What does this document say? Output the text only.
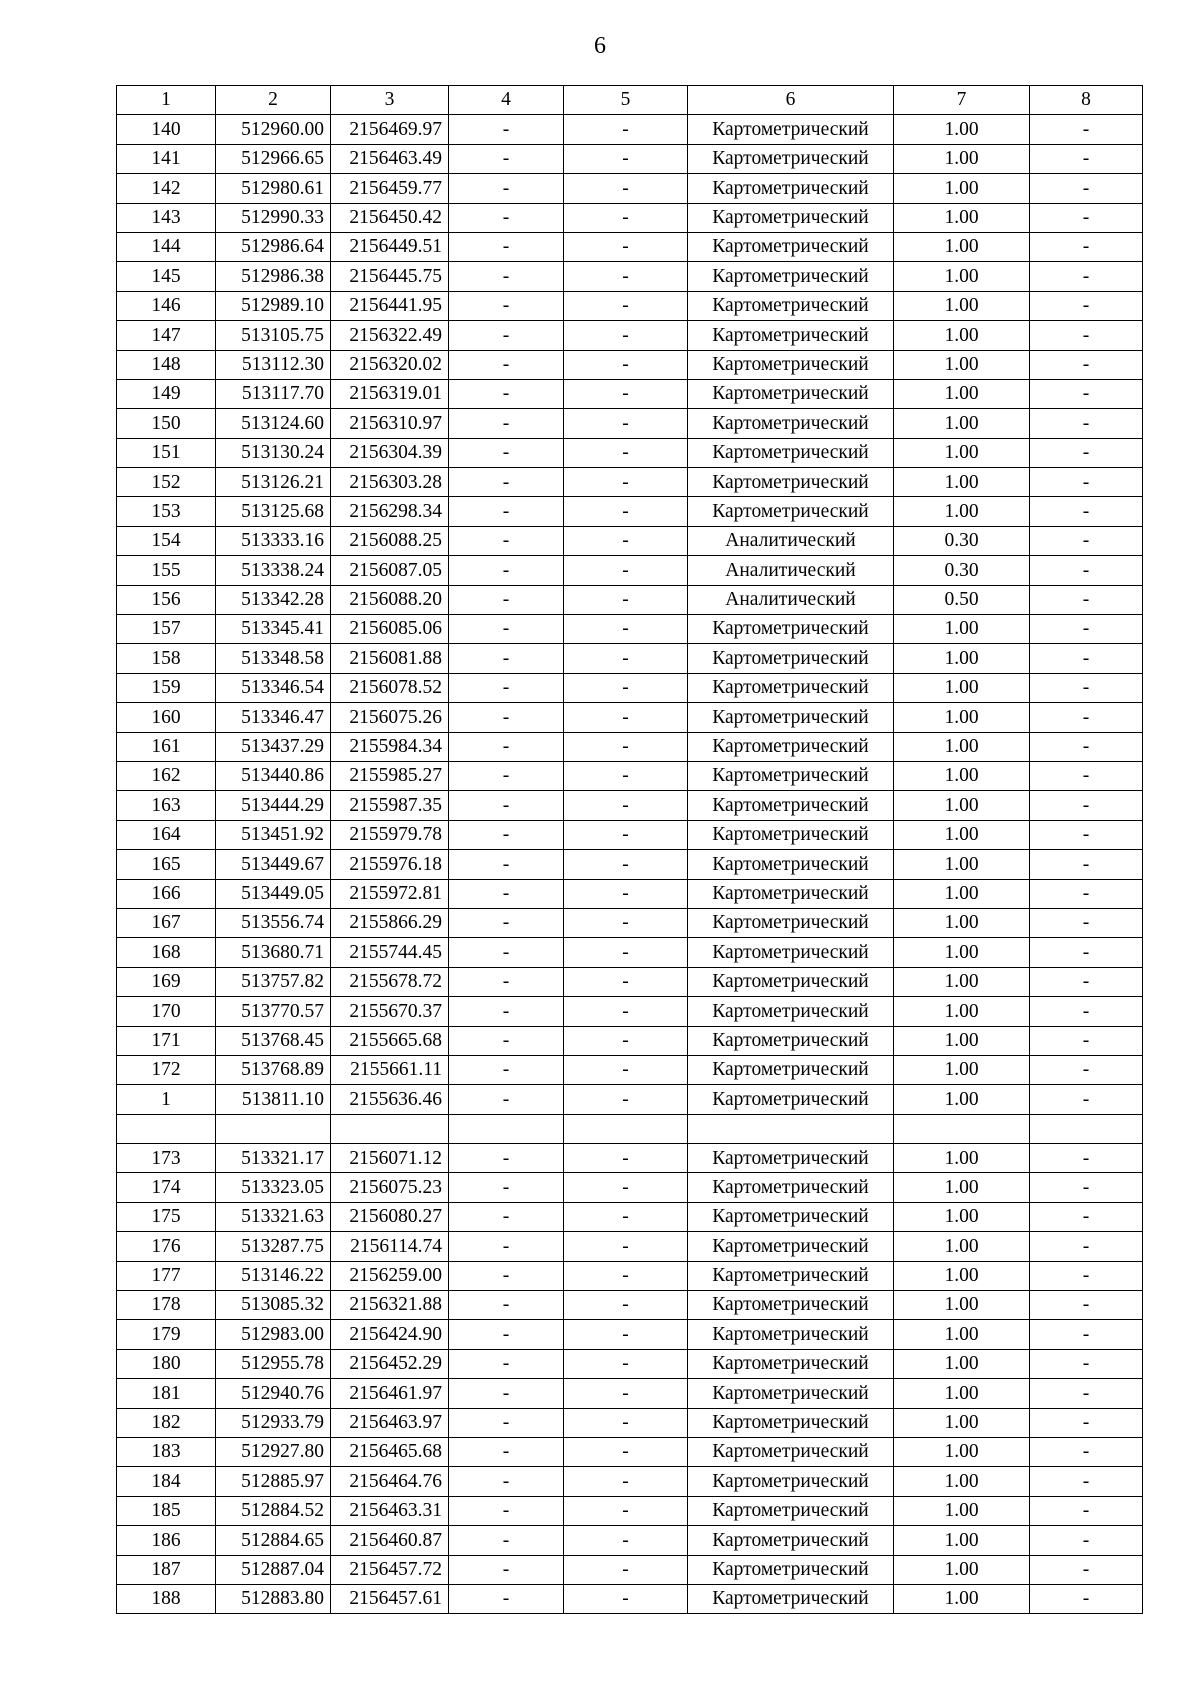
6
1	2	3	4	5	6	7	8
140	512960.00	2156469.97	-	-	Картометрический	1.00	-
141	512966.65	2156463.49	-	-	Картометрический	1.00	-
142	512980.61	2156459.77	-	-	Картометрический	1.00	-
143	512990.33	2156450.42	-	-	Картометрический	1.00	-
144	512986.64	2156449.51	-	-	Картометрический	1.00	-
145	512986.38	2156445.75	-	-	Картометрический	1.00	-
146	512989.10	2156441.95	-	-	Картометрический	1.00	-
147	513105.75	2156322.49	-	-	Картометрический	1.00	-
148	513112.30	2156320.02	-	-	Картометрический	1.00	-
149	513117.70	2156319.01	-	-	Картометрический	1.00	-
150	513124.60	2156310.97	-	-	Картометрический	1.00	-
151	513130.24	2156304.39	-	-	Картометрический	1.00	-
152	513126.21	2156303.28	-	-	Картометрический	1.00	-
153	513125.68	2156298.34	-	-	Картометрический	1.00	-
154	513333.16	2156088.25	-	-	Аналитический	0.30	-
155	513338.24	2156087.05	-	-	Аналитический	0.30	-
156	513342.28	2156088.20	-	-	Аналитический	0.50	-
157	513345.41	2156085.06	-	-	Картометрический	1.00	-
158	513348.58	2156081.88	-	-	Картометрический	1.00	-
159	513346.54	2156078.52	-	-	Картометрический	1.00	-
160	513346.47	2156075.26	-	-	Картометрический	1.00	-
161	513437.29	2155984.34	-	-	Картометрический	1.00	-
162	513440.86	2155985.27	-	-	Картометрический	1.00	-
163	513444.29	2155987.35	-	-	Картометрический	1.00	-
164	513451.92	2155979.78	-	-	Картометрический	1.00	-
165	513449.67	2155976.18	-	-	Картометрический	1.00	-
166	513449.05	2155972.81	-	-	Картометрический	1.00	-
167	513556.74	2155866.29	-	-	Картометрический	1.00	-
168	513680.71	2155744.45	-	-	Картометрический	1.00	-
169	513757.82	2155678.72	-	-	Картометрический	1.00	-
170	513770.57	2155670.37	-	-	Картометрический	1.00	-
171	513768.45	2155665.68	-	-	Картометрический	1.00	-
172	513768.89	2155661.11	-	-	Картометрический	1.00	-
1	513811.10	2155636.46	-	-	Картометрический	1.00	-

173	513321.17	2156071.12	-	-	Картометрический	1.00	-
174	513323.05	2156075.23	-	-	Картометрический	1.00	-
175	513321.63	2156080.27	-	-	Картометрический	1.00	-
176	513287.75	2156114.74	-	-	Картометрический	1.00	-
177	513146.22	2156259.00	-	-	Картометрический	1.00	-
178	513085.32	2156321.88	-	-	Картометрический	1.00	-
179	512983.00	2156424.90	-	-	Картометрический	1.00	-
180	512955.78	2156452.29	-	-	Картометрический	1.00	-
181	512940.76	2156461.97	-	-	Картометрический	1.00	-
182	512933.79	2156463.97	-	-	Картометрический	1.00	-
183	512927.80	2156465.68	-	-	Картометрический	1.00	-
184	512885.97	2156464.76	-	-	Картометрический	1.00	-
185	512884.52	2156463.31	-	-	Картометрический	1.00	-
186	512884.65	2156460.87	-	-	Картометрический	1.00	-
187	512887.04	2156457.72	-	-	Картометрический	1.00	-
188	512883.80	2156457.61	-	-	Картометрический	1.00	-
